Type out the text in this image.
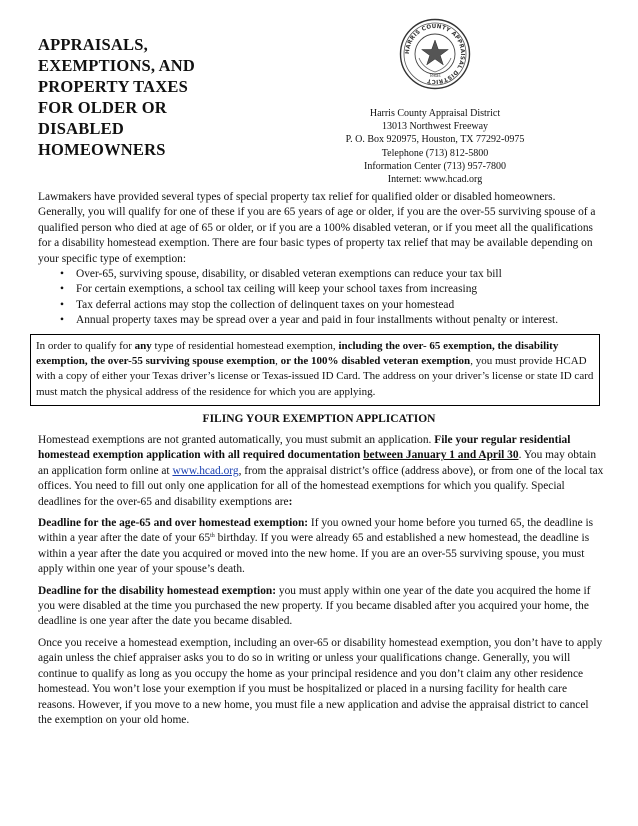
APPRAISALS,
EXEMPTIONS, AND
PROPERTY TAXES
FOR OLDER OR
DISABLED
HOMEOWNERS
HARRIS COUNTY APPRAISAL DISTRICT
Texas
Harris County Appraisal District
13013 Northwest Freeway
P. O. Box 920975, Houston, TX 77292-0975
Telephone (713) 812-5800
Information Center (713) 957-7800
Internet: www.hcad.org

Lawmakers have provided several types of special property tax relief for qualified older or disabled homeowners. Generally, you will qualify for one of these if you are 65 years of age or older, if you are the over-55 surviving spouse of a qualified person who died at age of 65 or older, or if you are a 100% disabled veteran, or if you meet all the qualifications for a disability homestead exemption. There are four basic types of property tax relief that may be available depending on your specific type of exemption:

• Over-65, surviving spouse, disability, or disabled veteran exemptions can reduce your tax bill
• For certain exemptions, a school tax ceiling will keep your school taxes from increasing
• Tax deferral actions may stop the collection of delinquent taxes on your homestead
• Annual property taxes may be spread over a year and paid in four installments without penalty or interest.
In order to qualify for any type of residential homestead exemption, including the over- 65 exemption, the disability exemption, the over-55 surviving spouse exemption, or the 100% disabled veteran exemption, you must provide HCAD with a copy of either your Texas driver’s license or Texas-issued ID Card. The address on your driver’s license or state ID card must match the physical address of the residence for which you are applying.
FILING YOUR EXEMPTION APPLICATION

Homestead exemptions are not granted automatically, you must submit an application. File your regular residential homestead exemption application with all required documentation between January 1 and April 30. You may obtain an application form online at www.hcad.org, from the appraisal district’s office (address above), or from one of the local tax offices. You need to fill out only one application for all of the homestead exemptions for which you qualify. Special deadlines for the over-65 and disability exemptions are:

Deadline for the age-65 and over homestead exemption: If you owned your home before you turned 65, the deadline is within a year after the date of your 65th birthday. If you were already 65 and established a new homestead, the deadline is within a year after the date you acquired or moved into the new home. If you are an over-55 surviving spouse, you must apply within one year of your spouse’s death.

Deadline for the disability homestead exemption: you must apply within one year of the date you acquired the home if you were disabled at the time you purchased the new property. If you became disabled after you acquired your home, the deadline is one year after the date you became disabled.

Once you receive a homestead exemption, including an over-65 or disability homestead exemption, you don’t have to apply again unless the chief appraiser asks you to do so in writing or unless your qualifications change. Generally, you will continue to qualify as long as you occupy the home as your principal residence and you don’t claim any other residence homestead. You won’t lose your exemption if you must be hospitalized or placed in a nursing facility for health care reasons. However, if you move to a new home, you must file a new application and advise the appraisal district to cancel the exemption on your old home.
